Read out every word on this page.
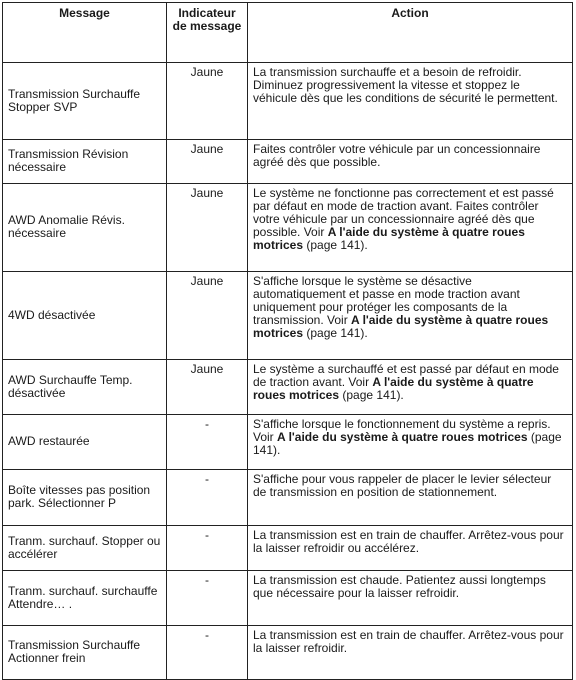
Message	Indicateur de message	Action
Transmission Surchauffe Stopper SVP	Jaune	La transmission surchauffe et a besoin de refroidir. Diminuez progressivement la vitesse et stoppez le véhicule dès que les conditions de sécurité le permettent.
Transmission Révision nécessaire	Jaune	Faites contrôler votre véhicule par un concessionnaire agréé dès que possible.
AWD Anomalie Révis. nécessaire	Jaune	Le système ne fonctionne pas correctement et est passé par défaut en mode de traction avant. Faites contrôler votre véhicule par un concessionnaire agréé dès que possible. Voir A l'aide du système à quatre roues motrices (page 141).
4WD désactivée	Jaune	S'affiche lorsque le système se désactive automatiquement et passe en mode traction avant uniquement pour protéger les composants de la transmission. Voir A l'aide du système à quatre roues motrices (page 141).
AWD Surchauffe Temp. désactivée	Jaune	Le système a surchauffé et est passé par défaut en mode de traction avant. Voir A l'aide du système à quatre roues motrices (page 141).
AWD restaurée	-	S'affiche lorsque le fonctionnement du système a repris. Voir A l'aide du système à quatre roues motrices (page 141).
Boîte vitesses pas position park. Sélectionner P	-	S'affiche pour vous rappeler de placer le levier sélecteur de transmission en position de stationnement.
Tranm. surchauf. Stopper ou accélérer	-	La transmission est en train de chauffer. Arrêtez-vous pour la laisser refroidir ou accélérez.
Tranm. surchauf. surchauffe Attendre… .	-	La transmission est chaude. Patientez aussi longtemps que nécessaire pour la laisser refroidir.
Transmission Surchauffe Actionner frein	-	La transmission est en train de chauffer. Arrêtez-vous pour la laisser refroidir.
